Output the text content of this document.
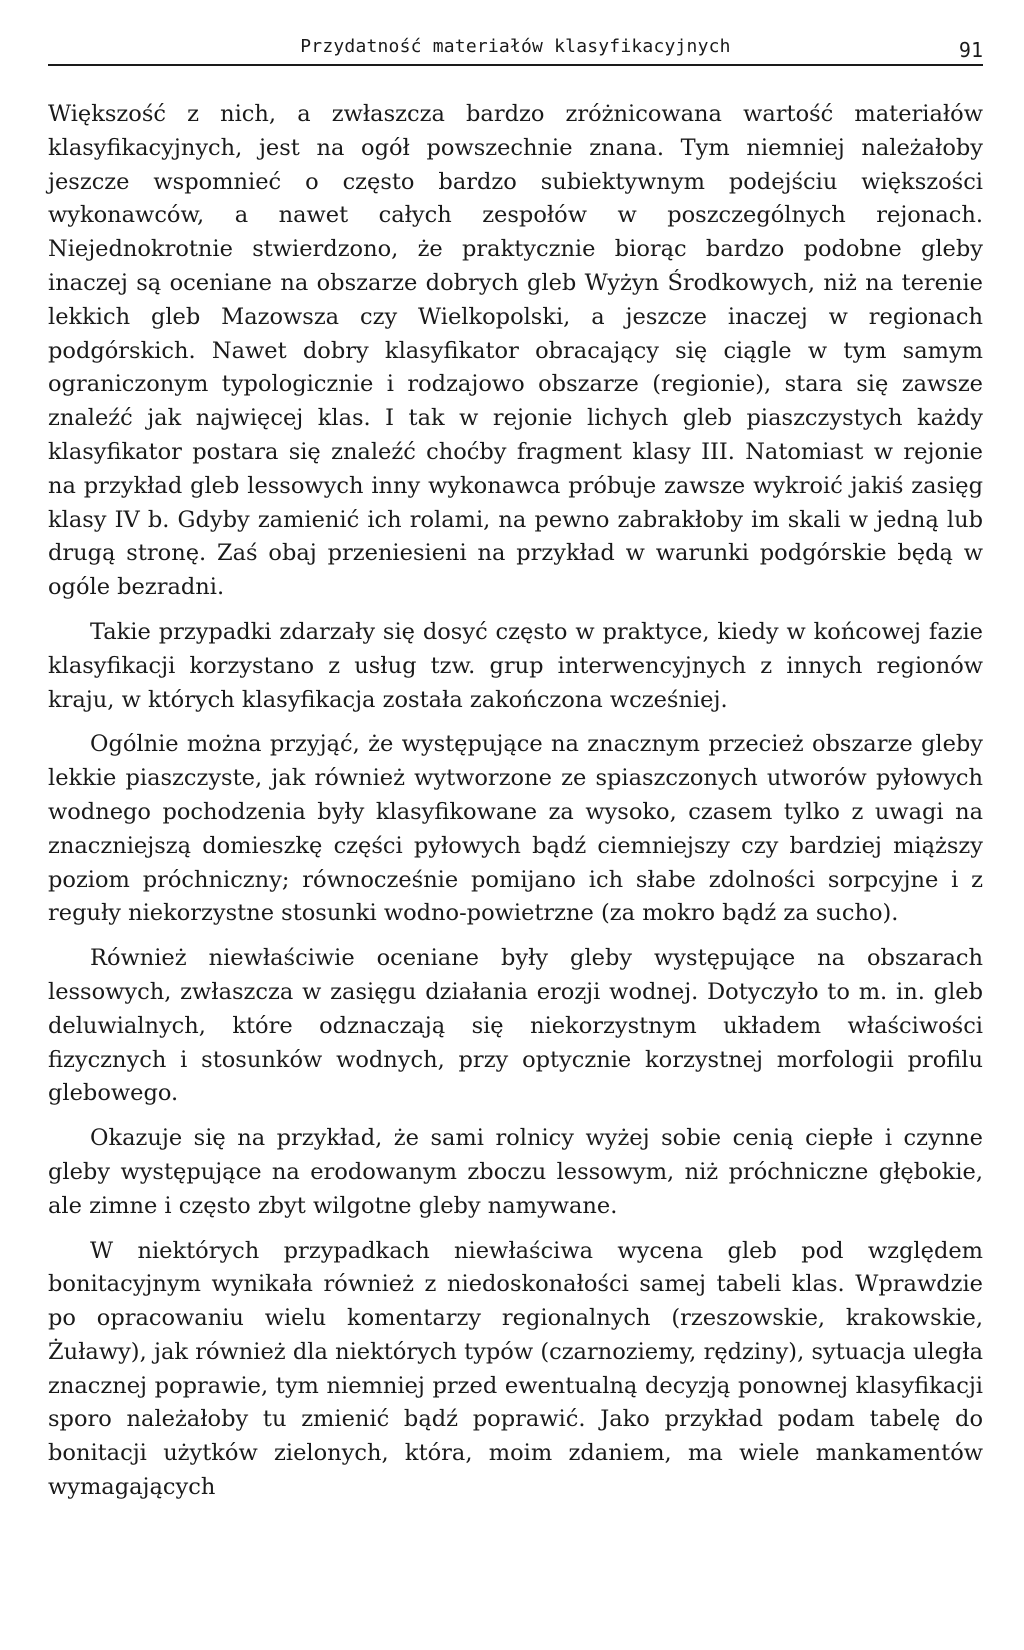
Przydatność materiałów klasyfikacyjnych	91

Większość z nich, a zwłaszcza bardzo zróżnicowana wartość materiałów klasyfikacyjnych, jest na ogół powszechnie znana. Tym niemniej należałoby jeszcze wspomnieć o często bardzo subiektywnym podejściu większości wykonawców, a nawet całych zespołów w poszczególnych rejonach. Niejednokrotnie stwierdzono, że praktycznie biorąc bardzo podobne gleby inaczej są oceniane na obszarze dobrych gleb Wyżyn Środkowych, niż na terenie lekkich gleb Mazowsza czy Wielkopolski, a jeszcze inaczej w regionach podgórskich. Nawet dobry klasyfikator obracający się ciągle w tym samym ograniczonym typologicznie i rodzajowo obszarze (regionie), stara się zawsze znaleźć jak najwięcej klas. I tak w rejonie lichych gleb piaszczystych każdy klasyfikator postara się znaleźć choćby fragment klasy III. Natomiast w rejonie na przykład gleb lessowych inny wykonawca próbuje zawsze wykroić jakiś zasięg klasy IV b. Gdyby zamienić ich rolami, na pewno zabrakłoby im skali w jedną lub drugą stronę. Zaś obaj przeniesieni na przykład w warunki podgórskie będą w ogóle bezradni.

Takie przypadki zdarzały się dosyć często w praktyce, kiedy w końcowej fazie klasyfikacji korzystano z usług tzw. grup interwencyjnych z innych regionów kraju, w których klasyfikacja została zakończona wcześniej.

Ogólnie można przyjąć, że występujące na znacznym przecież obszarze gleby lekkie piaszczyste, jak również wytworzone ze spiaszczonych utworów pyłowych wodnego pochodzenia były klasyfikowane za wysoko, czasem tylko z uwagi na znaczniejszą domieszkę części pyłowych bądź ciemniejszy czy bardziej miąższy poziom próchniczny; równocześnie pomijano ich słabe zdolności sorpcyjne i z reguły niekorzystne stosunki wodno-powietrzne (za mokro bądź za sucho).

Również niewłaściwie oceniane były gleby występujące na obszarach lessowych, zwłaszcza w zasięgu działania erozji wodnej. Dotyczyło to m. in. gleb deluwialnych, które odznaczają się niekorzystnym układem właściwości fizycznych i stosunków wodnych, przy optycznie korzystnej morfologii profilu glebowego.

Okazuje się na przykład, że sami rolnicy wyżej sobie cenią ciepłe i czynne gleby występujące na erodowanym zboczu lessowym, niż próchniczne głębokie, ale zimne i często zbyt wilgotne gleby namywane.

W niektórych przypadkach niewłaściwa wycena gleb pod względem bonitacyjnym wynikała również z niedoskonałości samej tabeli klas. Wprawdzie po opracowaniu wielu komentarzy regionalnych (rzeszowskie, krakowskie, Żuławy), jak również dla niektórych typów (czarnoziemy, rędziny), sytuacja uległa znacznej poprawie, tym niemniej przed ewentualną decyzją ponownej klasyfikacji sporo należałoby tu zmienić bądź poprawić. Jako przykład podam tabelę do bonitacji użytków zielonych, która, moim zdaniem, ma wiele mankamentów wymagających
